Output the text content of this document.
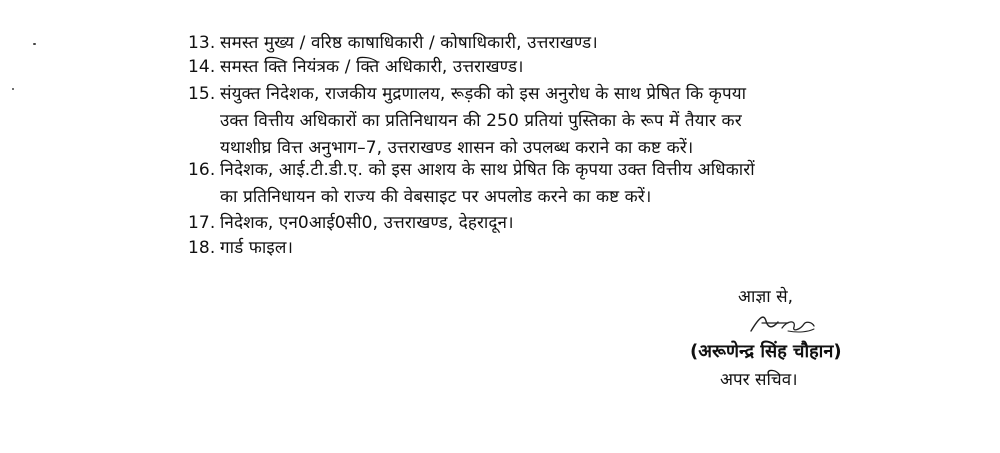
13. समस्त मुख्य / वरिष्ठ काषाधिकारी / कोषाधिकारी, उत्तराखण्ड।
14. समस्त क्ति नियंत्रक / क्ति अधिकारी, उत्तराखण्ड।
15. संयुक्त निदेशक, राजकीय मुद्रणालय, रूड़की को इस अनुरोध के साथ प्रेषित कि कृपया
उक्त वित्तीय अधिकारों का प्रतिनिधायन की 250 प्रतियां पुस्तिका के रूप में तैयार कर
यथाशीघ्र वित्त अनुभाग–7, उत्तराखण्ड शासन को उपलब्ध कराने का कष्ट करें।
16. निदेशक, आई.टी.डी.ए. को इस आशय के साथ प्रेषित कि कृपया उक्त वित्तीय अधिकारों
का प्रतिनिधायन को राज्य की वेबसाइट पर अपलोड करने का कष्ट करें।
17. निदेशक, एन0आई0सी0, उत्तराखण्ड, देहरादून।
18. गार्ड फाइल।
आज्ञा से,
(अरूणेन्द्र सिंह चौहान)
अपर सचिव।
